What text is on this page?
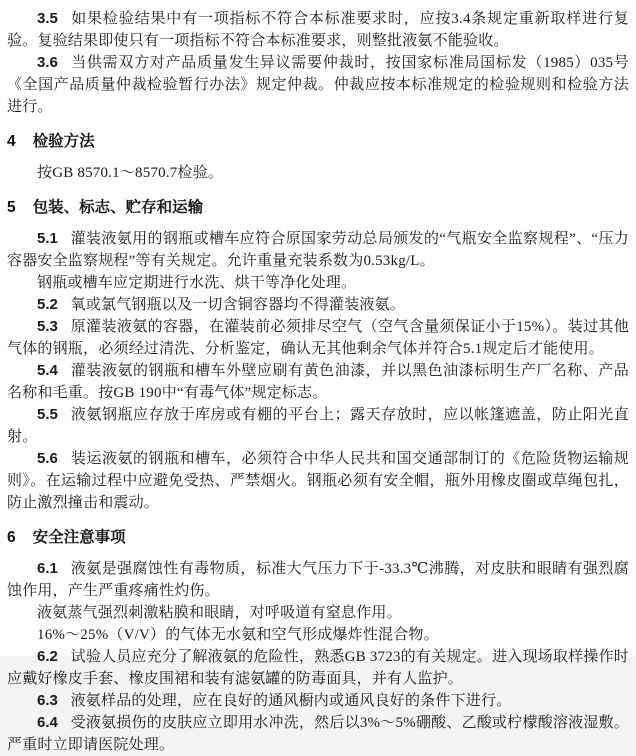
3.5 如果检验结果中有一项指标不符合本标准要求时，应按3.4条规定重新取样进行复验。复验结果即使只有一项指标不符合本标准要求，则整批液氨不能验收。

3.6 当供需双方对产品质量发生异议需要仲裁时，按国家标准局国标发（1985）035号《全国产品质量仲裁检验暂行办法》规定仲裁。仲裁应按本标准规定的检验规则和检验方法进行。

4 检验方法

按GB 8570.1～8570.7检验。

5 包装、标志、贮存和运输

5.1 灌装液氨用的钢瓶或槽车应符合原国家劳动总局颁发的“气瓶安全监察规程”、“压力容器安全监察规程”等有关规定。允许重量充装系数为0.53kg/L。

钢瓶或槽车应定期进行水洗、烘干等净化处理。

5.2 氧或氯气钢瓶以及一切含铜容器均不得灌装液氨。

5.3 原灌装液氨的容器，在灌装前必须排尽空气（空气含量须保证小于15%）。装过其他气体的钢瓶，必须经过清洗、分析鉴定，确认无其他剩余气体并符合5.1规定后才能使用。

5.4 灌装液氨的钢瓶和槽车外壁应刷有黄色油漆，并以黑色油漆标明生产厂名称、产品名称和毛重。按GB 190中“有毒气体”规定标志。

5.5 液氨钢瓶应存放于库房或有棚的平台上；露天存放时，应以帐篷遮盖，防止阳光直射。

5.6 装运液氨的钢瓶和槽车，必须符合中华人民共和国交通部制订的《危险货物运输规则》。在运输过程中应避免受热、严禁烟火。钢瓶必须有安全帽，瓶外用橡皮圈或草绳包扎，防止激烈撞击和震动。

6 安全注意事项

6.1 液氨是强腐蚀性有毒物质，标准大气压力下于-33.3℃沸腾，对皮肤和眼睛有强烈腐蚀作用，产生严重疼痛性灼伤。

液氨蒸气强烈刺激粘膜和眼睛，对呼吸道有窒息作用。

16%～25%（V/V）的气体无水氨和空气形成爆炸性混合物。

6.2 试验人员应充分了解液氨的危险性，熟悉GB 3723的有关规定。进入现场取样操作时应戴好橡皮手套、橡皮围裙和装有滤氨罐的防毒面具，并有人监护。

6.3 液氨样品的处理，应在良好的通风橱内或通风良好的条件下进行。

6.4 受液氨损伤的皮肤应立即用水冲洗，然后以3%～5%硼酸、乙酸或柠檬酸溶液湿敷。严重时立即请医院处理。
